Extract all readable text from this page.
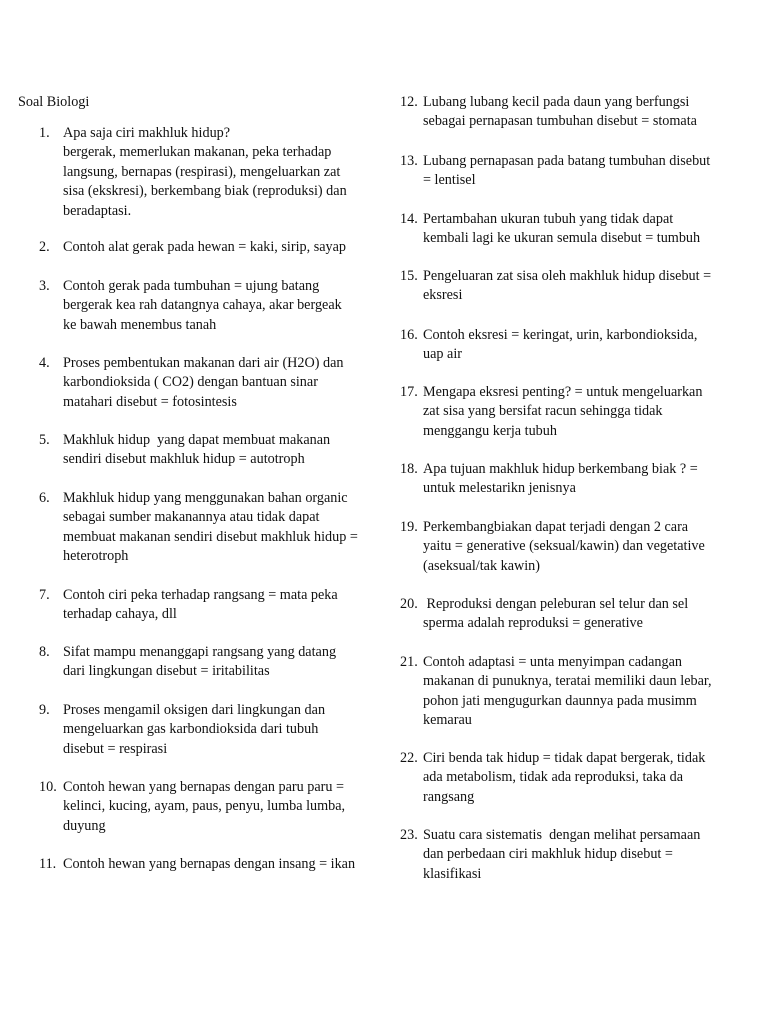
Soal Biologi
1. Apa saja ciri makhluk hidup?
bergerak, memerlukan makanan, peka terhadap
langsung, bernapas (respirasi), mengeluarkan zat
sisa (ekskresi), berkembang biak (reproduksi) dan
beradaptasi.
2. Contoh alat gerak pada hewan = kaki, sirip, sayap
3. Contoh gerak pada tumbuhan = ujung batang
bergerak kea rah datangnya cahaya, akar bergeak
ke bawah menembus tanah
4. Proses pembentukan makanan dari air (H2O) dan
karbondioksida ( CO2) dengan bantuan sinar
matahari disebut = fotosintesis
5. Makhluk hidup  yang dapat membuat makanan
sendiri disebut makhluk hidup = autotroph
6. Makhluk hidup yang menggunakan bahan organic
sebagai sumber makanannya atau tidak dapat
membuat makanan sendiri disebut makhluk hidup =
heterotroph
7. Contoh ciri peka terhadap rangsang = mata peka
terhadap cahaya, dll
8. Sifat mampu menanggapi rangsang yang datang
dari lingkungan disebut = iritabilitas
9. Proses mengamil oksigen dari lingkungan dan
mengeluarkan gas karbondioksida dari tubuh
disebut = respirasi
10. Contoh hewan yang bernapas dengan paru paru =
kelinci, kucing, ayam, paus, penyu, lumba lumba,
duyung
11. Contoh hewan yang bernapas dengan insang = ikan
12. Lubang lubang kecil pada daun yang berfungsi
sebagai pernapasan tumbuhan disebut = stomata
13. Lubang pernapasan pada batang tumbuhan disebut
= lentisel
14. Pertambahan ukuran tubuh yang tidak dapat
kembali lagi ke ukuran semula disebut = tumbuh
15. Pengeluaran zat sisa oleh makhluk hidup disebut =
eksresi
16. Contoh eksresi = keringat, urin, karbondioksida,
uap air
17. Mengapa eksresi penting? = untuk mengeluarkan
zat sisa yang bersifat racun sehingga tidak
menggangu kerja tubuh
18. Apa tujuan makhluk hidup berkembang biak ? =
untuk melestarikn jenisnya
19. Perkembangbiakan dapat terjadi dengan 2 cara
yaitu = generative (seksual/kawin) dan vegetative
(aseksual/tak kawin)
20. Reproduksi dengan peleburan sel telur dan sel
sperma adalah reproduksi = generative
21. Contoh adaptasi = unta menyimpan cadangan
makanan di punuknya, teratai memiliki daun lebar,
pohon jati mengugurkan daunnya pada musimm
kemarau
22. Ciri benda tak hidup = tidak dapat bergerak, tidak
ada metabolism, tidak ada reproduksi, taka da
rangsang
23. Suatu cara sistematis  dengan melihat persamaan
dan perbedaan ciri makhluk hidup disebut =
klasifikasi
